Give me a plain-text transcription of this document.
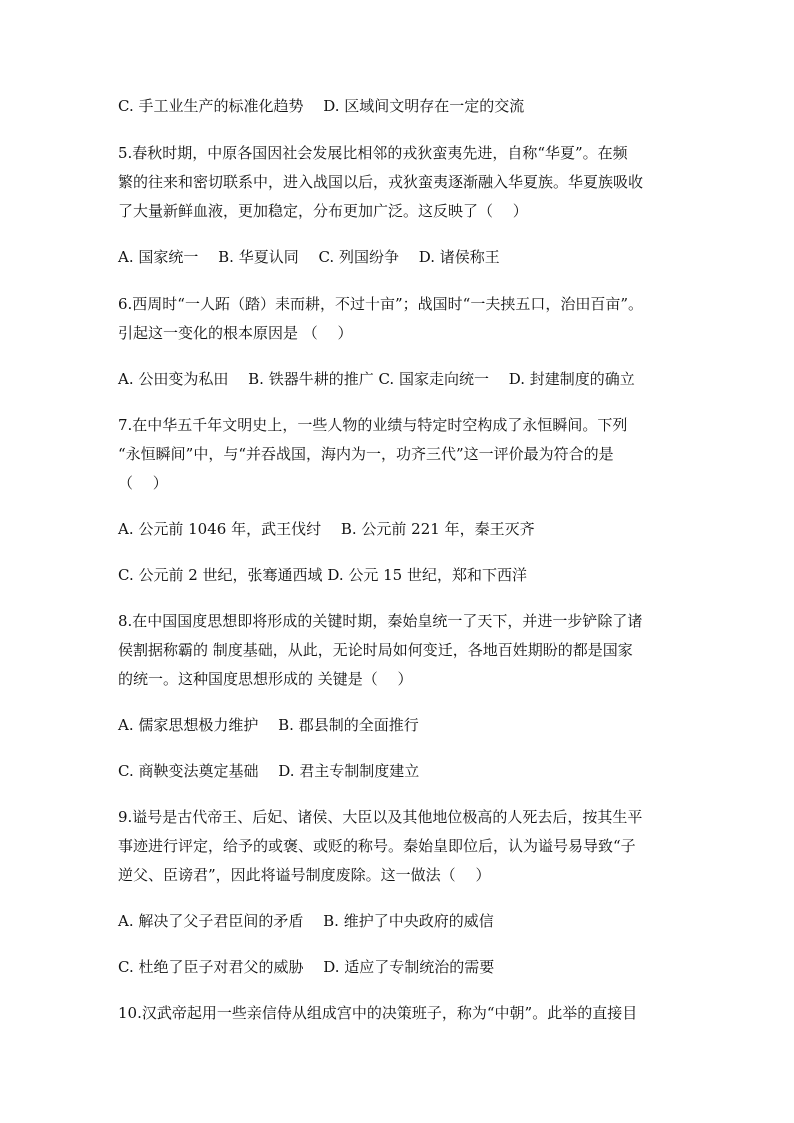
C. 手工业生产的标准化趋势　 D. 区域间文明存在一定的交流
5.春秋时期，中原各国因社会发展比相邻的戎狄蛮夷先进，自称“华夏”。在频
繁的往来和密切联系中，进入战国以后，戎狄蛮夷逐渐融入华夏族。华夏族吸收
了大量新鲜血液，更加稳定，分布更加广泛。这反映了（　 ）
A. 国家统一　 B. 华夏认同　 C. 列国纷争　 D. 诸侯称王
6.西周时“一人跖（踏）耒而耕，不过十亩”；战国时“一夫挟五口，治田百亩”。
引起这一变化的根本原因是 （　 ）
A. 公田变为私田　 B. 铁器牛耕的推广 C. 国家走向统一　 D. 封建制度的确立
7.在中华五千年文明史上，一些人物的业绩与特定时空构成了永恒瞬间。下列
“永恒瞬间”中，与“并吞战国，海内为一，功齐三代”这一评价最为符合的是
（　 ）
A. 公元前 1046 年，武王伐纣　 B. 公元前 221 年，秦王灭齐
C. 公元前 2 世纪，张骞通西域 D. 公元 15 世纪，郑和下西洋
8.在中国国度思想即将形成的关键时期，秦始皇统一了天下，并进一步铲除了诸
侯割据称霸的 制度基础，从此，无论时局如何变迁，各地百姓期盼的都是国家
的统一。这种国度思想形成的 关键是（　 ）
A. 儒家思想极力维护　 B. 郡县制的全面推行
C. 商鞅变法奠定基础　 D. 君主专制制度建立
9.谥号是古代帝王、后妃、诸侯、大臣以及其他地位极高的人死去后，按其生平
事迹进行评定，给予的或褒、或贬的称号。秦始皇即位后，认为谥号易导致“子
逆父、臣谤君”，因此将谥号制度废除。这一做法（　 ）
A. 解决了父子君臣间的矛盾　 B. 维护了中央政府的威信
C. 杜绝了臣子对君父的威胁　 D. 适应了专制统治的需要
10.汉武帝起用一些亲信侍从组成宫中的决策班子，称为“中朝”。此举的直接目
